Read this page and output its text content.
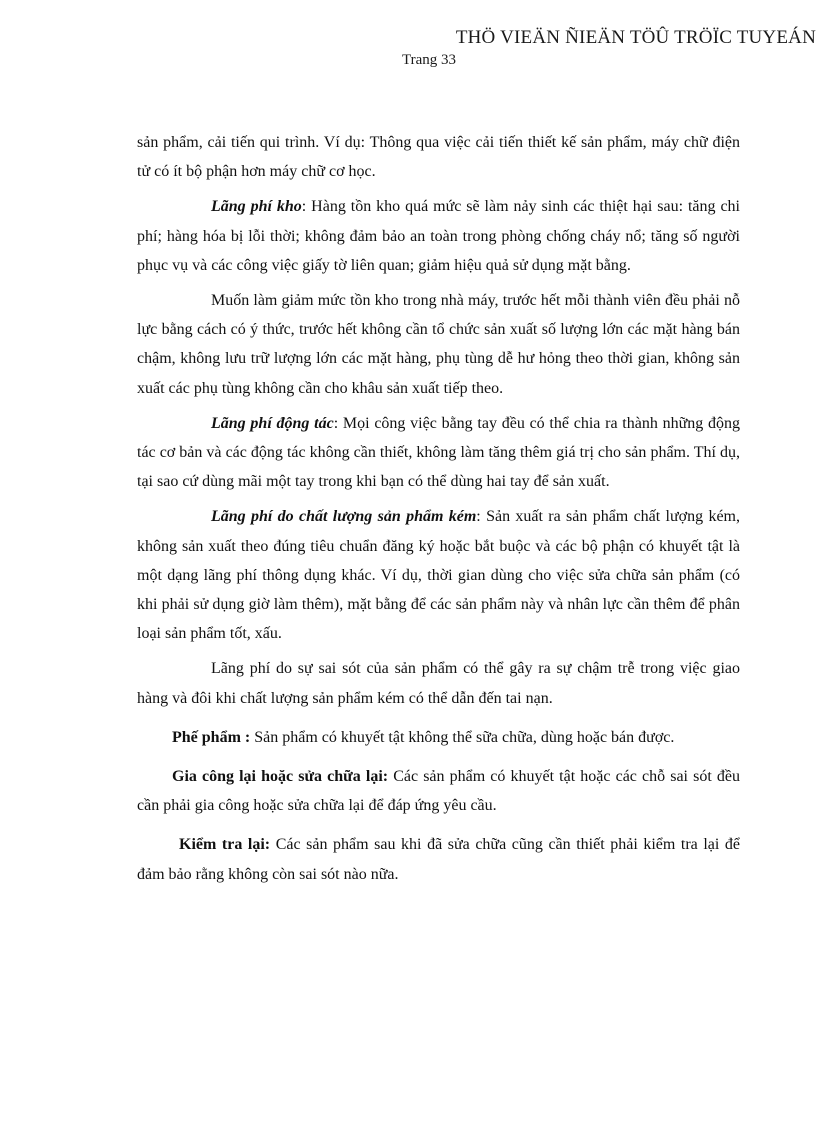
THÖ VIEÄN ÑIEÄN TÖÛ TRÖÏC TUYEÁN
Trang 33

sản phẩm, cải tiến qui trình. Ví dụ: Thông qua việc cải tiến thiết kế sản phẩm, máy chữ điện tử có ít bộ phận hơn máy chữ cơ học.

Lãng phí kho: Hàng tồn kho quá mức sẽ làm nảy sinh các thiệt hại sau: tăng chi phí; hàng hóa bị lỗi thời; không đảm bảo an toàn trong phòng chống cháy nổ; tăng số người phục vụ và các công việc giấy tờ liên quan; giảm hiệu quả sử dụng mặt bằng.

Muốn làm giảm mức tồn kho trong nhà máy, trước hết mỗi thành viên đều phải nỗ lực bằng cách có ý thức, trước hết không cần tổ chức sản xuất số lượng lớn các mặt hàng bán chậm, không lưu trữ lượng lớn các mặt hàng, phụ tùng dễ hư hỏng theo thời gian, không sản xuất các phụ tùng không cần cho khâu sản xuất tiếp theo.

Lãng phí động tác: Mọi công việc bằng tay đều có thể chia ra thành những động tác cơ bản và các động tác không cần thiết, không làm tăng thêm giá trị cho sản phẩm. Thí dụ, tại sao cứ dùng mãi một tay trong khi bạn có thể dùng hai tay để sản xuất.

Lãng phí do chất lượng sản phẩm kém: Sản xuất ra sản phẩm chất lượng kém, không sản xuất theo đúng tiêu chuẩn đăng ký hoặc bắt buộc và các bộ phận có khuyết tật là một dạng lãng phí thông dụng khác. Ví dụ, thời gian dùng cho việc sửa chữa sản phẩm (có khi phải sử dụng giờ làm thêm), mặt bằng để các sản phẩm này và nhân lực cần thêm để phân loại sản phẩm tốt, xấu.

Lãng phí do sự sai sót của sản phẩm có thể gây ra sự chậm trễ trong việc giao hàng và đôi khi chất lượng sản phẩm kém có thể dẫn đến tai nạn.

Phế phẩm : Sản phẩm có khuyết tật không thể sữa chữa, dùng hoặc bán được.

Gia công lại hoặc sửa chữa lại: Các sản phẩm có khuyết tật hoặc các chỗ sai sót đều cần phải gia công hoặc sửa chữa lại để đáp ứng yêu cầu.

Kiểm tra lại: Các sản phẩm sau khi đã sửa chữa cũng cần thiết phải kiểm tra lại để đảm bảo rằng không còn sai sót nào nữa.
